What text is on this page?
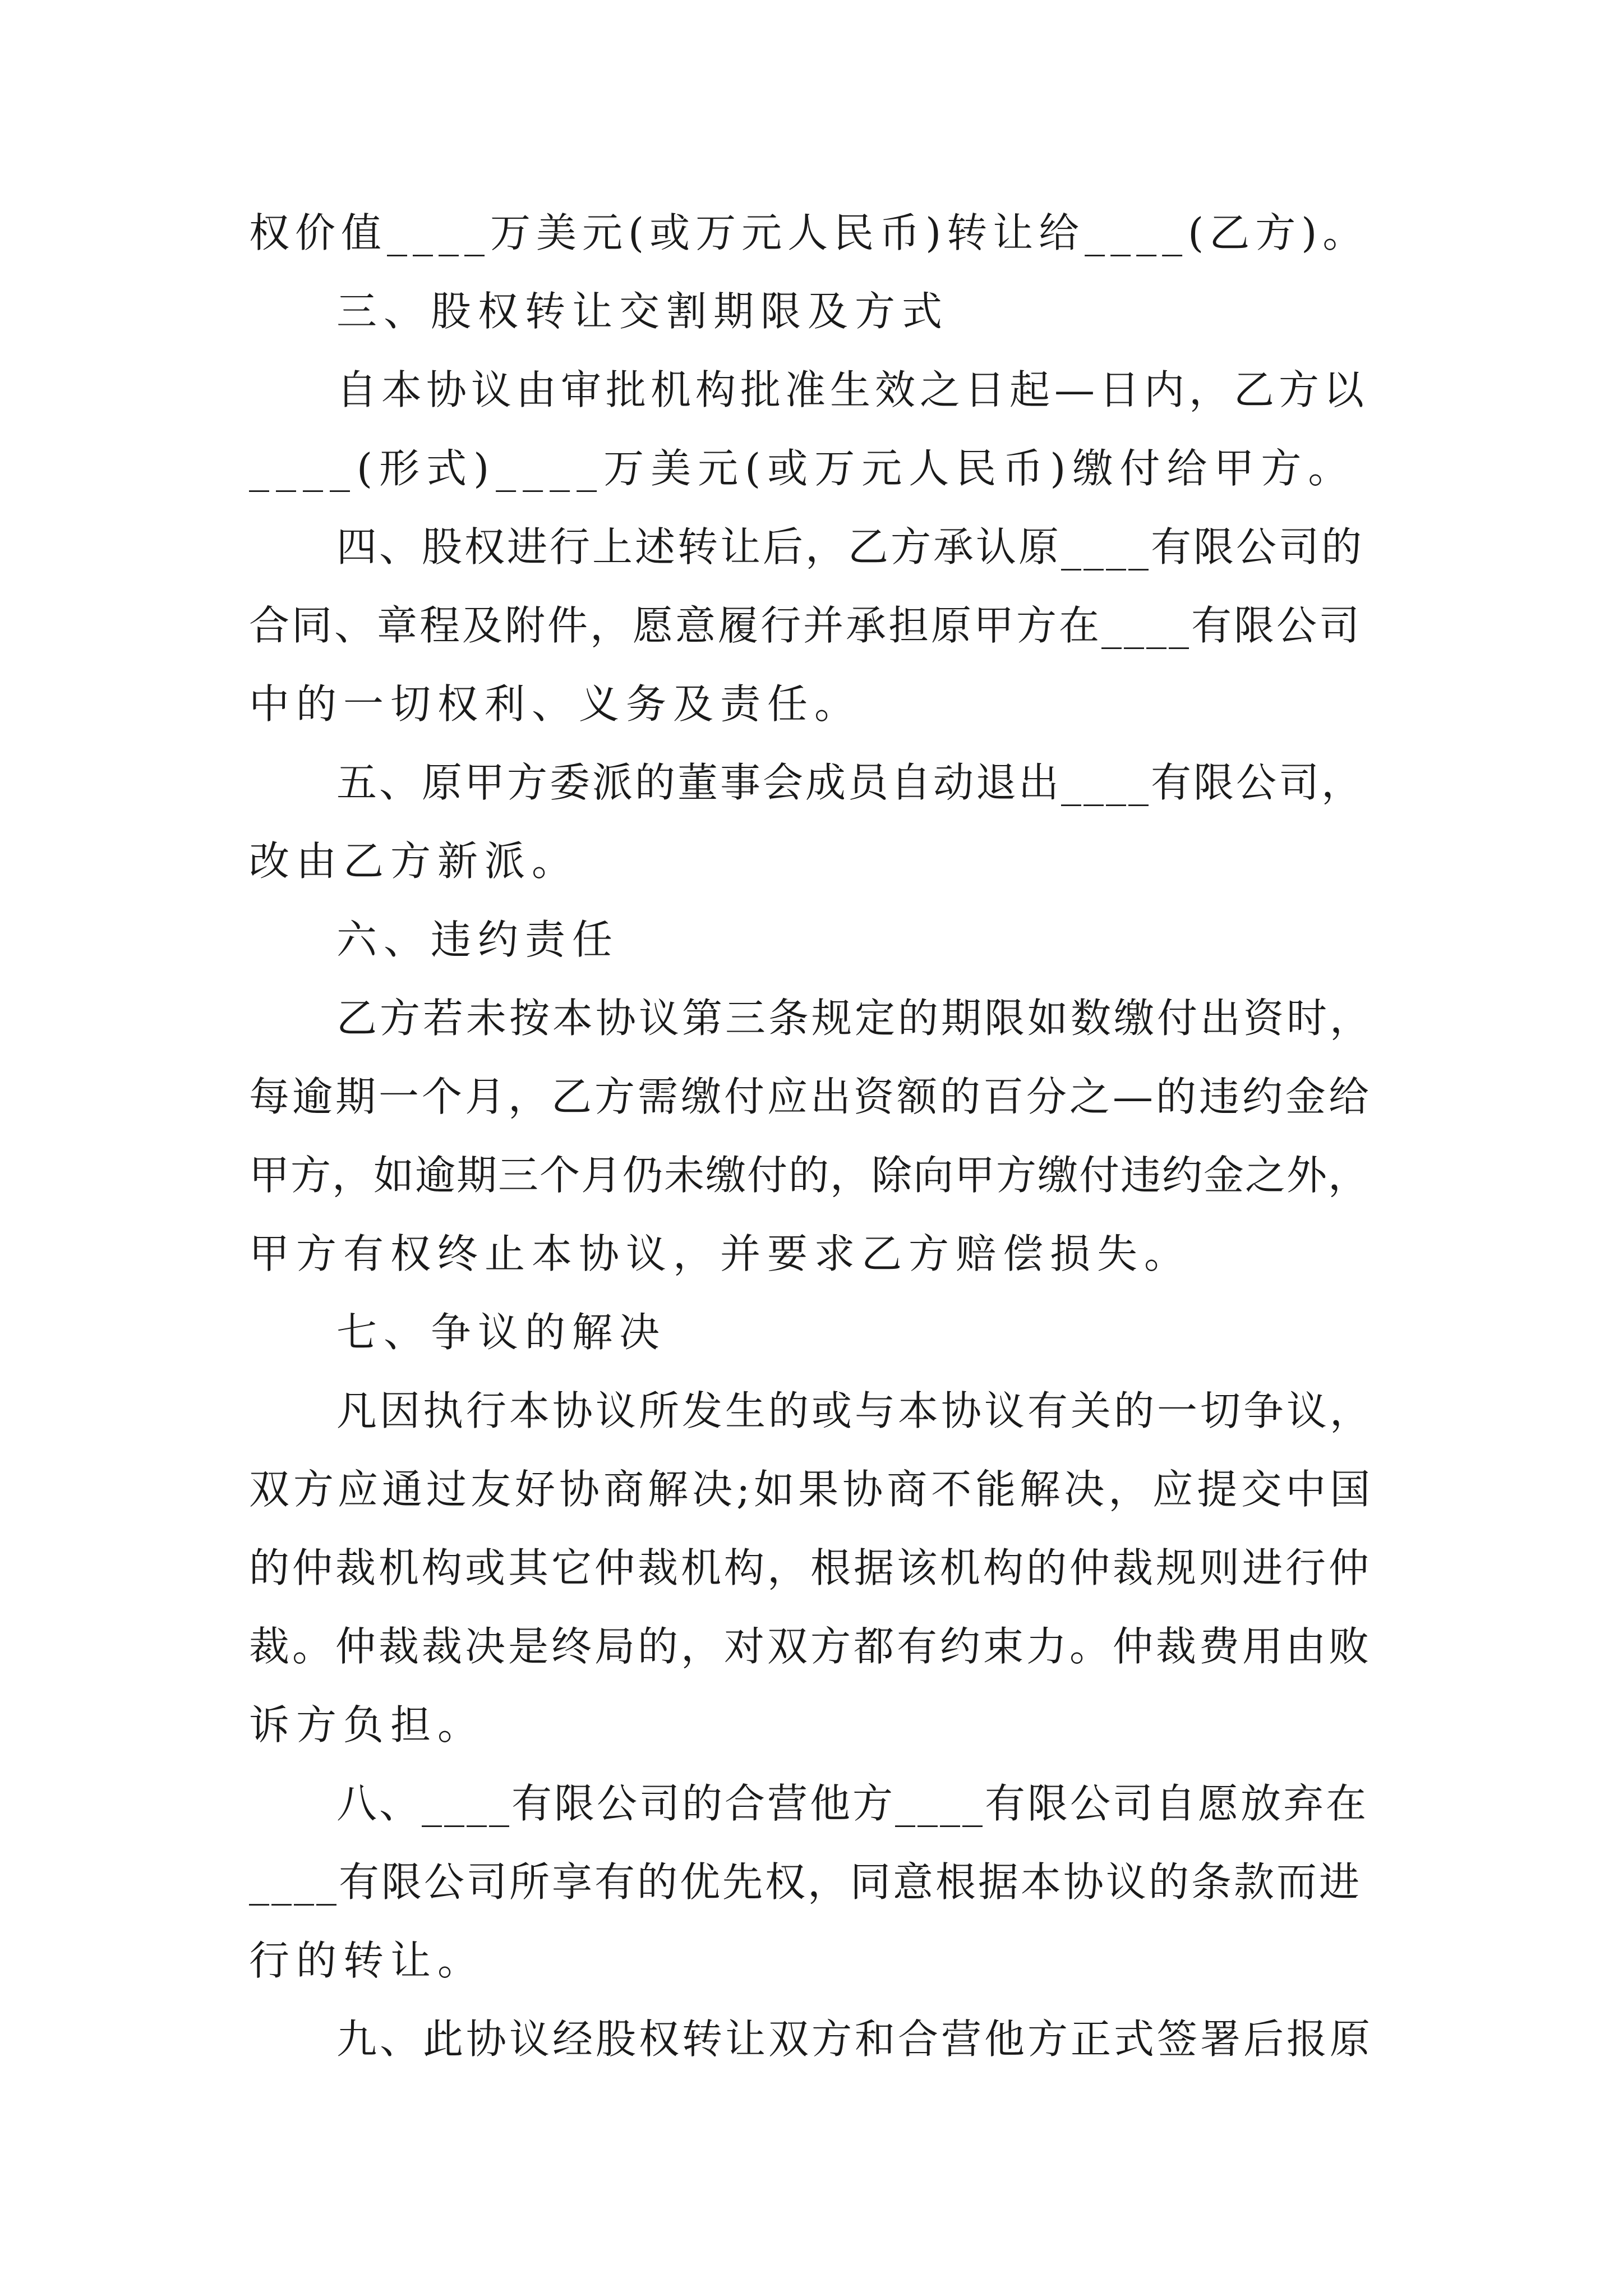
权价值____万美元(或万元人民币)转让给____(乙方)。
三、股权转让交割期限及方式
自本协议由审批机构批准生效之日起—日内，乙方以
____(形式)____万美元(或万元人民币)缴付给甲方。
四、股权进行上述转让后，乙方承认原____有限公司的
合同、章程及附件，愿意履行并承担原甲方在____有限公司
中的一切权利、义务及责任。
五、原甲方委派的董事会成员自动退出____有限公司，
改由乙方新派。
六、违约责任
乙方若未按本协议第三条规定的期限如数缴付出资时，
每逾期一个月，乙方需缴付应出资额的百分之—的违约金给
甲方，如逾期三个月仍未缴付的，除向甲方缴付违约金之外，
甲方有权终止本协议，并要求乙方赔偿损失。
七、争议的解决
凡因执行本协议所发生的或与本协议有关的一切争议，
双方应通过友好协商解决;如果协商不能解决，应提交中国
的仲裁机构或其它仲裁机构，根据该机构的仲裁规则进行仲
裁。仲裁裁决是终局的，对双方都有约束力。仲裁费用由败
诉方负担。
八、____有限公司的合营他方____有限公司自愿放弃在
____有限公司所享有的优先权，同意根据本协议的条款而进
行的转让。
九、此协议经股权转让双方和合营他方正式签署后报原
